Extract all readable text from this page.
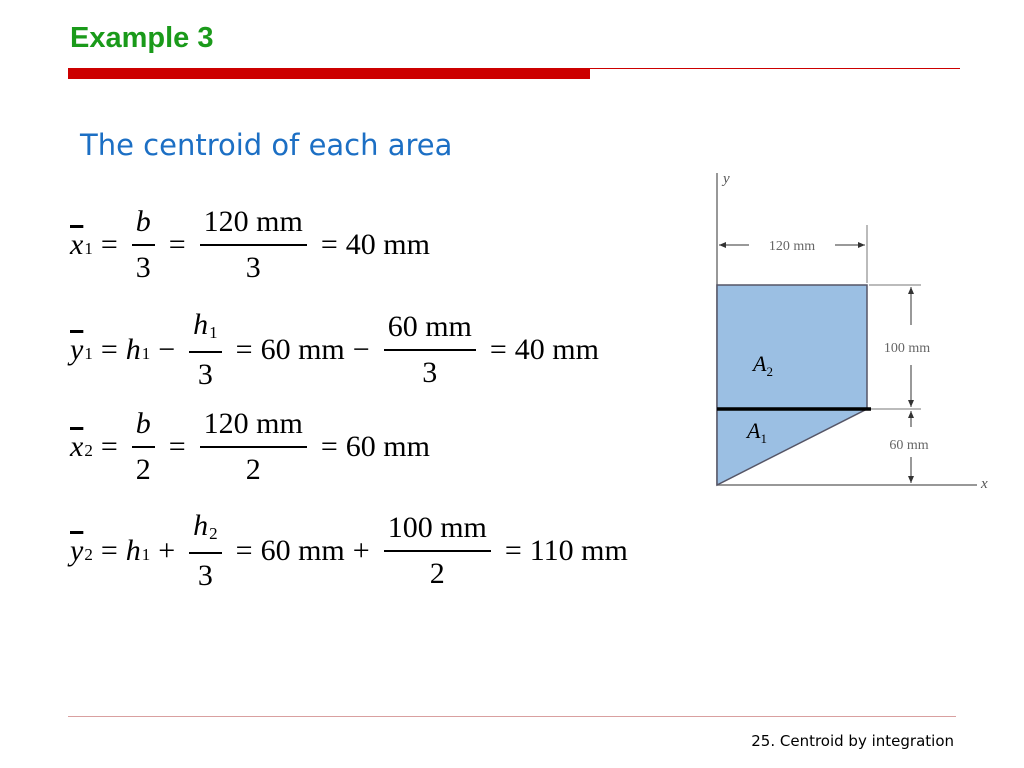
Example 3
The centroid of each area
$\overline{x}_1 = \frac{b}{3} = \frac{120 mm}{3} = 40$ mm
$\overline{y}_1 = h_1 - \frac{h_1}{3} = 60$ mm − $\frac{60 mm}{3} = 40$ mm
$\overline{x}_2 = \frac{b}{2} = \frac{120 mm}{2} = 60$ mm
$\overline{y}_2 = h_1 + \frac{h_2}{3} = 60$ mm + $\frac{100 mm}{2} = 110$ mm
y
x
120 mm
100 mm
60 mm
$A_2$
$A_1$
25. Centroid by integration
